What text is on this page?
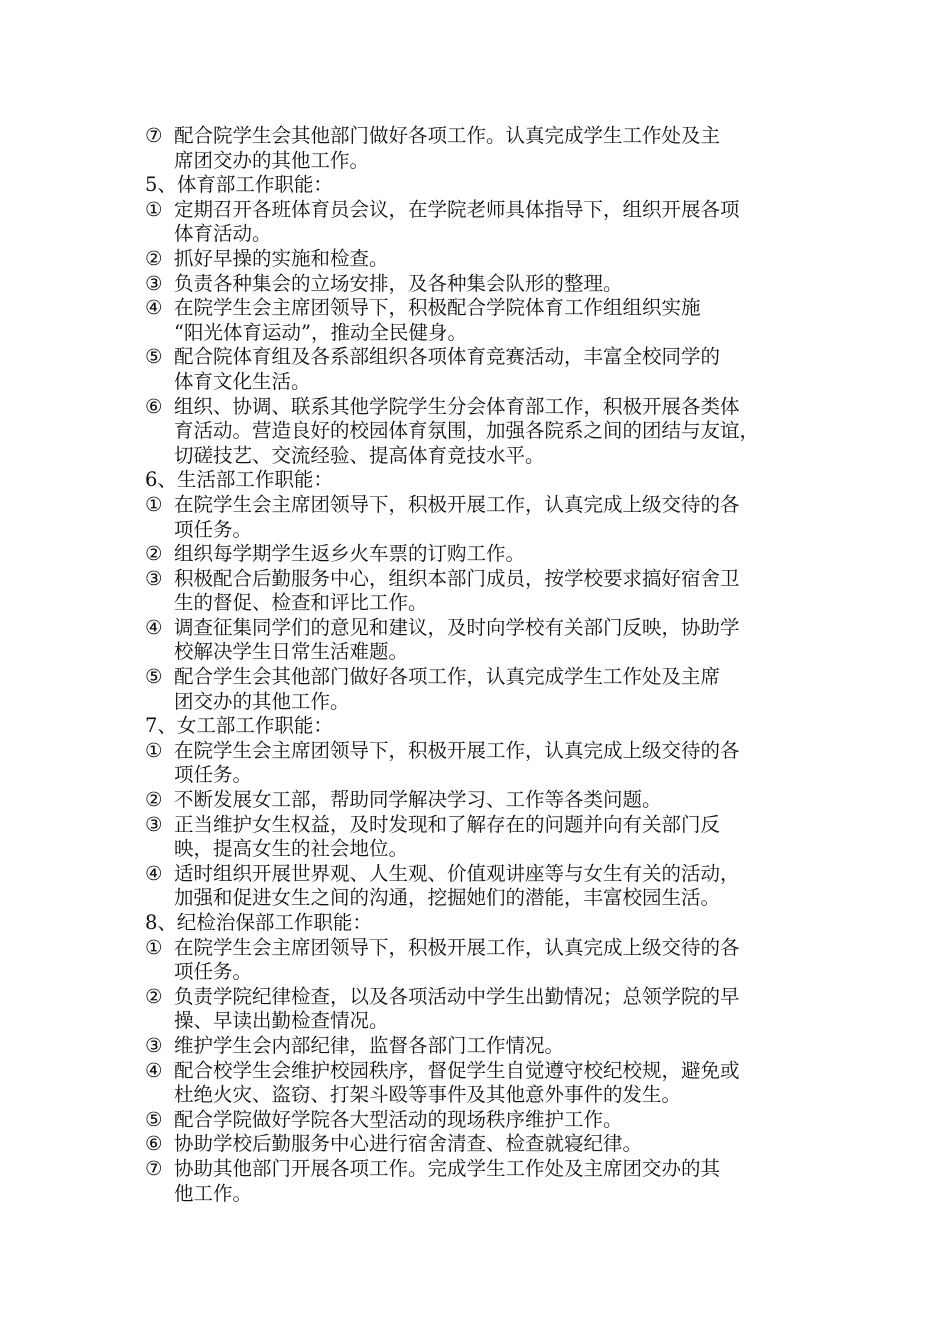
⑦ 配合院学生会其他部门做好各项工作。认真完成学生工作处及主
席团交办的其他工作。
5、体育部工作职能：
① 定期召开各班体育员会议，在学院老师具体指导下，组织开展各项
体育活动。
② 抓好早操的实施和检查。
③ 负责各种集会的立场安排，及各种集会队形的整理。
④ 在院学生会主席团领导下，积极配合学院体育工作组组织实施
“阳光体育运动”，推动全民健身。
⑤ 配合院体育组及各系部组织各项体育竞赛活动，丰富全校同学的
体育文化生活。
⑥ 组织、协调、联系其他学院学生分会体育部工作，积极开展各类体
育活动。营造良好的校园体育氛围，加强各院系之间的团结与友谊，
切磋技艺、交流经验、提高体育竞技水平。
6、生活部工作职能：
① 在院学生会主席团领导下，积极开展工作，认真完成上级交待的各
项任务。
② 组织每学期学生返乡火车票的订购工作。
③ 积极配合后勤服务中心，组织本部门成员，按学校要求搞好宿舍卫
生的督促、检查和评比工作。
④ 调查征集同学们的意见和建议，及时向学校有关部门反映，协助学
校解决学生日常生活难题。
⑤ 配合学生会其他部门做好各项工作，认真完成学生工作处及主席
团交办的其他工作。
7、女工部工作职能：
① 在院学生会主席团领导下，积极开展工作，认真完成上级交待的各
项任务。
② 不断发展女工部，帮助同学解决学习、工作等各类问题。
③ 正当维护女生权益，及时发现和了解存在的问题并向有关部门反
映，提高女生的社会地位。
④ 适时组织开展世界观、人生观、价值观讲座等与女生有关的活动，
加强和促进女生之间的沟通，挖掘她们的潜能，丰富校园生活。
8、纪检治保部工作职能：
① 在院学生会主席团领导下，积极开展工作，认真完成上级交待的各
项任务。
② 负责学院纪律检查，以及各项活动中学生出勤情况；总领学院的早
操、早读出勤检查情况。
③ 维护学生会内部纪律，监督各部门工作情况。
④ 配合校学生会维护校园秩序，督促学生自觉遵守校纪校规，避免或
杜绝火灾、盗窃、打架斗殴等事件及其他意外事件的发生。
⑤ 配合学院做好学院各大型活动的现场秩序维护工作。
⑥ 协助学校后勤服务中心进行宿舍清查、检查就寝纪律。
⑦ 协助其他部门开展各项工作。完成学生工作处及主席团交办的其
他工作。
